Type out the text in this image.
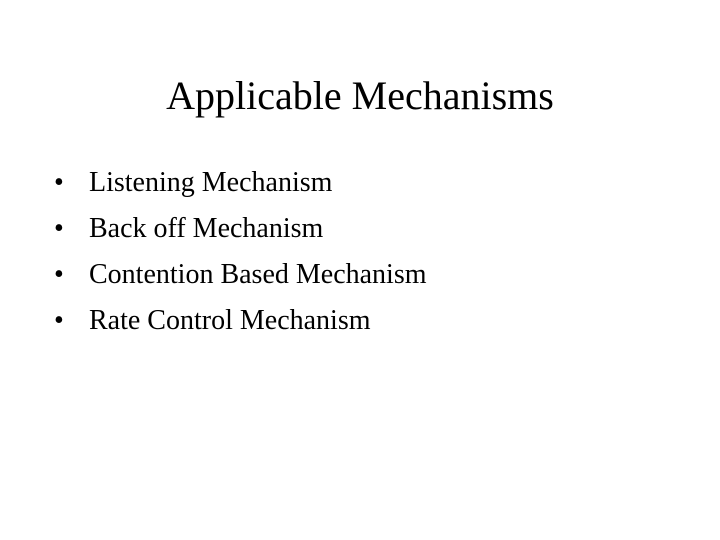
Applicable Mechanisms
• Listening Mechanism
• Back off Mechanism
• Contention Based Mechanism
• Rate Control Mechanism
